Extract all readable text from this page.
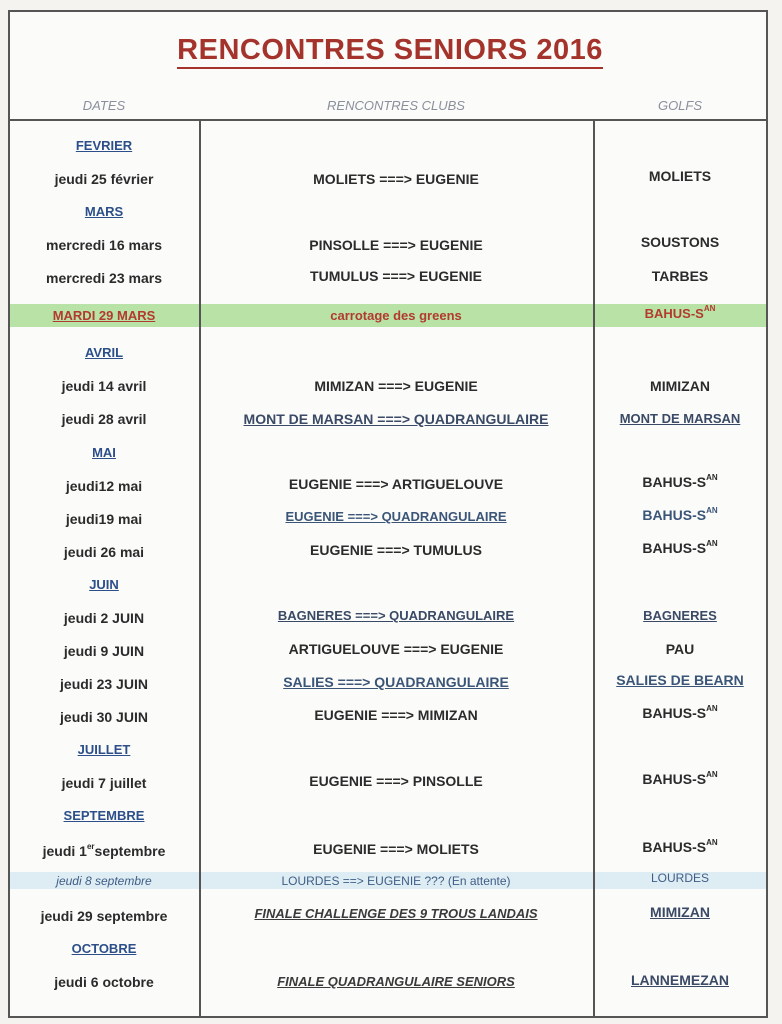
RENCONTRES SENIORS 2016
DATES	RENCONTRES CLUBS	GOLFS
FEVRIER
jeudi 25 février	MOLIETS ===> EUGENIE	MOLIETS
MARS
mercredi 16 mars	PINSOLLE ===> EUGENIE	SOUSTONS
mercredi 23 mars	TUMULUS ===> EUGENIE	TARBES
MARDI 29 MARS	carrotage des greens	BAHUS-$S^{AN}$
AVRIL
jeudi 14 avril	MIMIZAN ===> EUGENIE	MIMIZAN
jeudi 28 avril	MONT DE MARSAN ===> QUADRANGULAIRE	MONT DE MARSAN
MAI
jeudi12 mai	EUGENIE ===> ARTIGUELOUVE	BAHUS-$S^{AN}$
jeudi19 mai	EUGENIE ===> QUADRANGULAIRE	BAHUS-$S^{AN}$
jeudi 26 mai	EUGENIE ===> TUMULUS	BAHUS-$S^{AN}$
JUIN
jeudi 2 JUIN	BAGNERES ===> QUADRANGULAIRE	BAGNERES
jeudi 9 JUIN	ARTIGUELOUVE ===> EUGENIE	PAU
jeudi 23 JUIN	SALIES ===> QUADRANGULAIRE	SALIES DE BEARN
jeudi 30 JUIN	EUGENIE ===> MIMIZAN	BAHUS-$S^{AN}$
JUILLET
jeudi 7 juillet	EUGENIE ===> PINSOLLE	BAHUS-$S^{AN}$
SEPTEMBRE
jeudi 1erseptembre	EUGENIE ===> MOLIETS	BAHUS-$S^{AN}$
jeudi 8 septembre	LOURDES ==> EUGENIE ??? (En attente)	LOURDES
jeudi 29 septembre	FINALE CHALLENGE DES 9 TROUS LANDAIS	MIMIZAN
OCTOBRE
jeudi 6 octobre	FINALE QUADRANGULAIRE SENIORS	LANNEMEZAN
